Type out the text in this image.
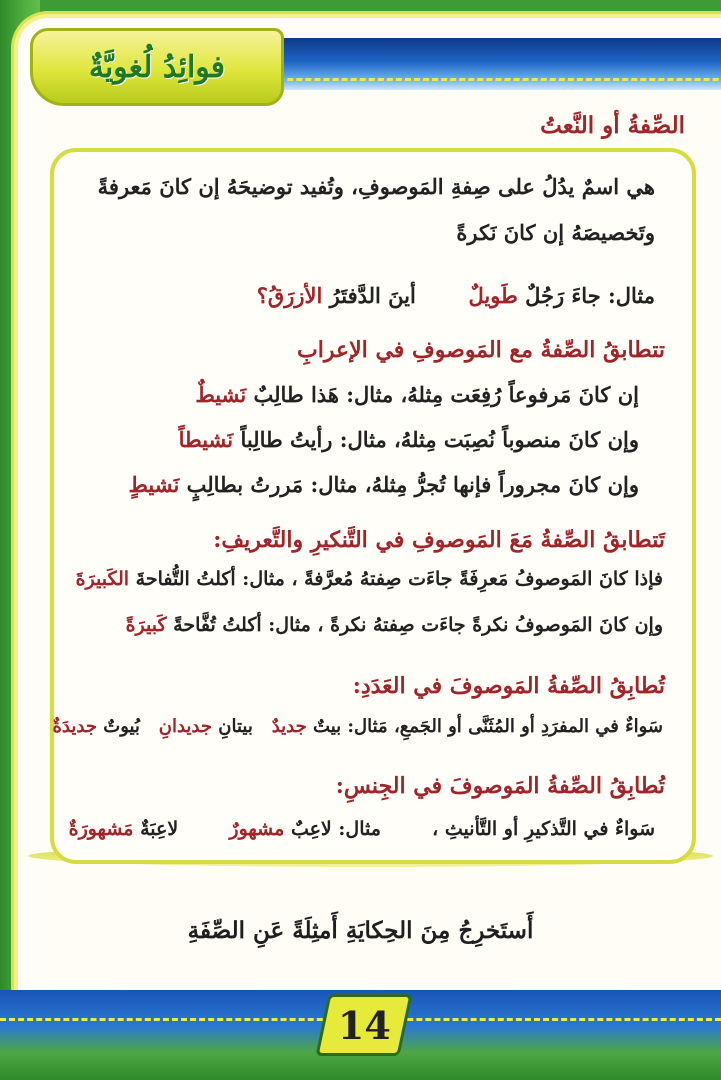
فوائِدُ لُغويَّةٌ
الصِّفةُ أو النَّعتُ
هي اسمٌ يدُلُ على صِفةِ المَوصوفِ، وتُفيد توضيحَهُ إن كانَ مَعرفةً
وتَخصيصَهُ إن كانَ نَكرةً
مثال: جاءَ رَجُلٌ طَويلٌ  أينَ الدَّفتَرُ الأزرَقُ؟
تتطابقُ الصِّفةُ مع المَوصوفِ في الإعرابِ
إن كانَ مَرفوعاً رُفِعَت مِثلهُ، مثال: هَذا طالِبٌ نَشيطٌ
وإن كانَ منصوباً نُصِبَت مِثلهُ، مثال: رأيتُ طالِباً نَشيطاً
وإن كانَ مجروراً فإنها تُجرُّ مِثلهُ، مثال: مَررتُ بطالِبٍ نَشيطٍ
تَتطابقُ الصِّفةُ مَعَ المَوصوفِ في التَّنكيرِ والتَّعريفِ:
فإذا كانَ المَوصوفُ مَعرِفَةً جاءَت صِفتهُ مُعرَّفةً ، مثال: أكلتُ التُّفاحةَ الكَبيرَةَ
وإن كانَ المَوصوفُ نكرةً جاءَت صِفتهُ نكرةً ، مثال: أكلتُ تُفَّاحةً كَبيرَةً
تُطابِقُ الصِّفةُ المَوصوفَ في العَدَدِ:
سَواءٌ في المفرَدِ أو المُثَنَّى أو الجَمعِ، مَثال: بيتٌ جديدٌ   بيتانِ جديدانِ   بُيوتٌ جديدَةٌ
تُطابِقُ الصِّفةُ المَوصوفَ في الجِنسِ:
سَواءٌ في التَّذكيرِ أو التَّأنيثِ ،  مثال: لاعِبٌ مشهورٌ  لاعِبَةٌ مَشهورَةٌ
أَستَخرِجُ مِنَ الحِكايَةِ أَمثِلَةً عَنِ الصِّفَةِ
14
